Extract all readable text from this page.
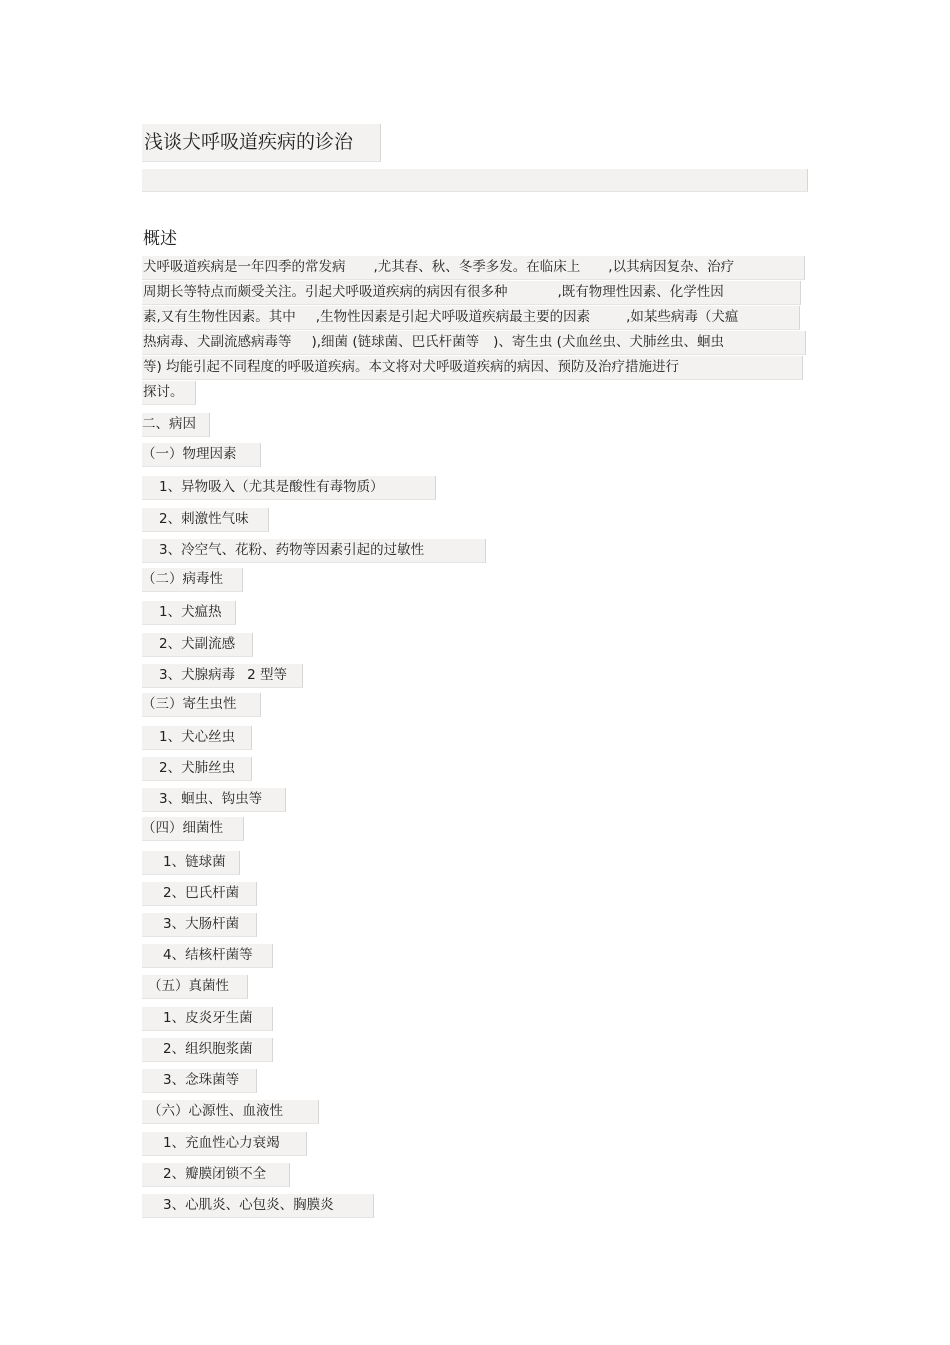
浅谈犬呼吸道疾病的诊治
概述
犬呼吸道疾病是一年四季的常发病 ,尤其春、秋、冬季多发。在临床上 ,以其病因复杂、治疗
周期长等特点而颇受关注。引起犬呼吸道疾病的病因有很多种	,既有物理性因素、化学性因
素,又有生物性因素。其中 ,生物性因素是引起犬呼吸道疾病最主要的因素	,如某些病毒（犬瘟
热病毒、犬副流感病毒等 ),细菌 (链球菌、巴氏杆菌等 )、寄生虫 (犬血丝虫、犬肺丝虫、蛔虫
等) 均能引起不同程度的呼吸道疾病。本文将对犬呼吸道疾病的病因、预防及治疗措施进行
探讨。
二、病因
（一）物理因素
1、异物吸入（尤其是酸性有毒物质）
2、刺激性气味
3、冷空气、花粉、药物等因素引起的过敏性
（二）病毒性
1、犬瘟热
2、犬副流感
3、犬腺病毒 2 型等
（三）寄生虫性
1、犬心丝虫
2、犬肺丝虫
3、蛔虫、钩虫等
（四）细菌性
1、链球菌
2、巴氏杆菌
3、大肠杆菌
4、结核杆菌等
（五）真菌性
1、皮炎牙生菌
2、组织胞浆菌
3、念珠菌等
（六）心源性、血液性
1、充血性心力衰竭
2、瓣膜闭锁不全
3、心肌炎、心包炎、胸膜炎
